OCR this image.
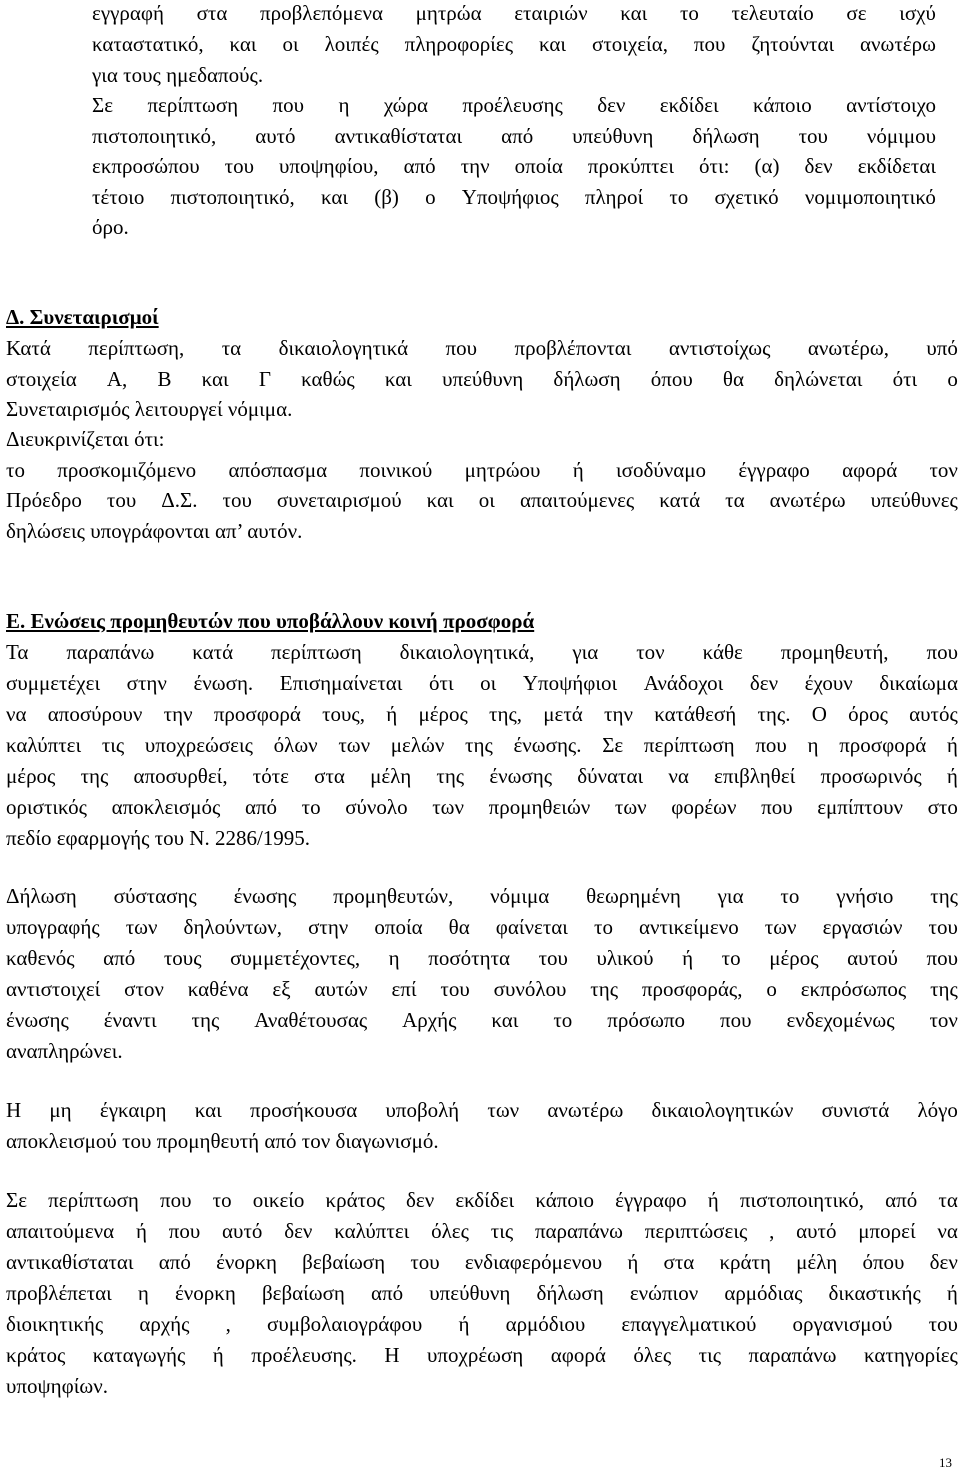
εγγραφή στα προβλεπόμενα μητρώα εταιριών και το τελευταίο σε ισχύ
καταστατικό, και οι λοιπές πληροφορίες και στοιχεία, που ζητούνται ανωτέρω
για τους ημεδαπούς.
Σε περίπτωση που η χώρα προέλευσης δεν εκδίδει κάποιο αντίστοιχο
πιστοποιητικό, αυτό αντικαθίσταται από υπεύθυνη δήλωση του νόμιμου
εκπροσώπου του υποψηφίου, από την οποία προκύπτει ότι: (α) δεν εκδίδεται
τέτοιο πιστοποιητικό, και (β) ο Υποψήφιος πληροί το σχετικό νομιμοποιητικό
όρο.
Δ. Συνεταιρισμοί
Κατά περίπτωση, τα δικαιολογητικά που προβλέπονται αντιστοίχως ανωτέρω, υπό
στοιχεία Α, Β και Γ καθώς και υπεύθυνη δήλωση όπου θα δηλώνεται ότι ο
Συνεταιρισμός λειτουργεί νόμιμα.
Διευκρινίζεται ότι:
το προσκομιζόμενο απόσπασμα ποινικού μητρώου ή ισοδύναμο έγγραφο αφορά τον
Πρόεδρο του Δ.Σ. του συνεταιρισμού και οι απαιτούμενες κατά τα ανωτέρω υπεύθυνες
δηλώσεις υπογράφονται απ’ αυτόν.
Ε. Ενώσεις προμηθευτών που υποβάλλουν κοινή προσφορά
Τα παραπάνω κατά περίπτωση δικαιολογητικά, για τον κάθε προμηθευτή, που
συμμετέχει στην ένωση. Επισημαίνεται ότι οι Υποψήφιοι Ανάδοχοι δεν έχουν δικαίωμα
να αποσύρουν την προσφορά τους, ή μέρος της, μετά την κατάθεσή της. Ο όρος αυτός
καλύπτει τις υποχρεώσεις όλων των μελών της ένωσης. Σε περίπτωση που η προσφορά ή
μέρος της αποσυρθεί, τότε στα μέλη της ένωσης δύναται να επιβληθεί προσωρινός ή
οριστικός αποκλεισμός από το σύνολο των προμηθειών των φορέων που εμπίπτουν στο
πεδίο εφαρμογής του Ν. 2286/1995.
Δήλωση σύστασης ένωσης προμηθευτών, νόμιμα θεωρημένη για το γνήσιο της
υπογραφής των δηλούντων, στην οποία θα φαίνεται το αντικείμενο των εργασιών του
καθενός από τους συμμετέχοντες, η ποσότητα του υλικού ή το μέρος αυτού που
αντιστοιχεί στον καθένα εξ αυτών επί του συνόλου της προσφοράς, ο εκπρόσωπος της
ένωσης έναντι της Αναθέτουσας Αρχής και το πρόσωπο που ενδεχομένως τον
αναπληρώνει.
Η μη έγκαιρη και προσήκουσα υποβολή των ανωτέρω δικαιολογητικών συνιστά λόγο
αποκλεισμού του προμηθευτή από τον διαγωνισμό.
Σε περίπτωση που το οικείο κράτος δεν εκδίδει κάποιο έγγραφο ή πιστοποιητικό, από τα
απαιτούμενα ή που αυτό δεν καλύπτει όλες τις παραπάνω περιπτώσεις , αυτό μπορεί να
αντικαθίσταται από ένορκη βεβαίωση του ενδιαφερόμενου ή στα κράτη μέλη όπου δεν
προβλέπεται η ένορκη βεβαίωση από υπεύθυνη δήλωση ενώπιον αρμόδιας δικαστικής ή
διοικητικής αρχής , συμβολαιογράφου ή αρμόδιου επαγγελματικού οργανισμού του
κράτος καταγωγής ή προέλευσης. Η υποχρέωση αφορά όλες τις παραπάνω κατηγορίες
υποψηφίων.
13
